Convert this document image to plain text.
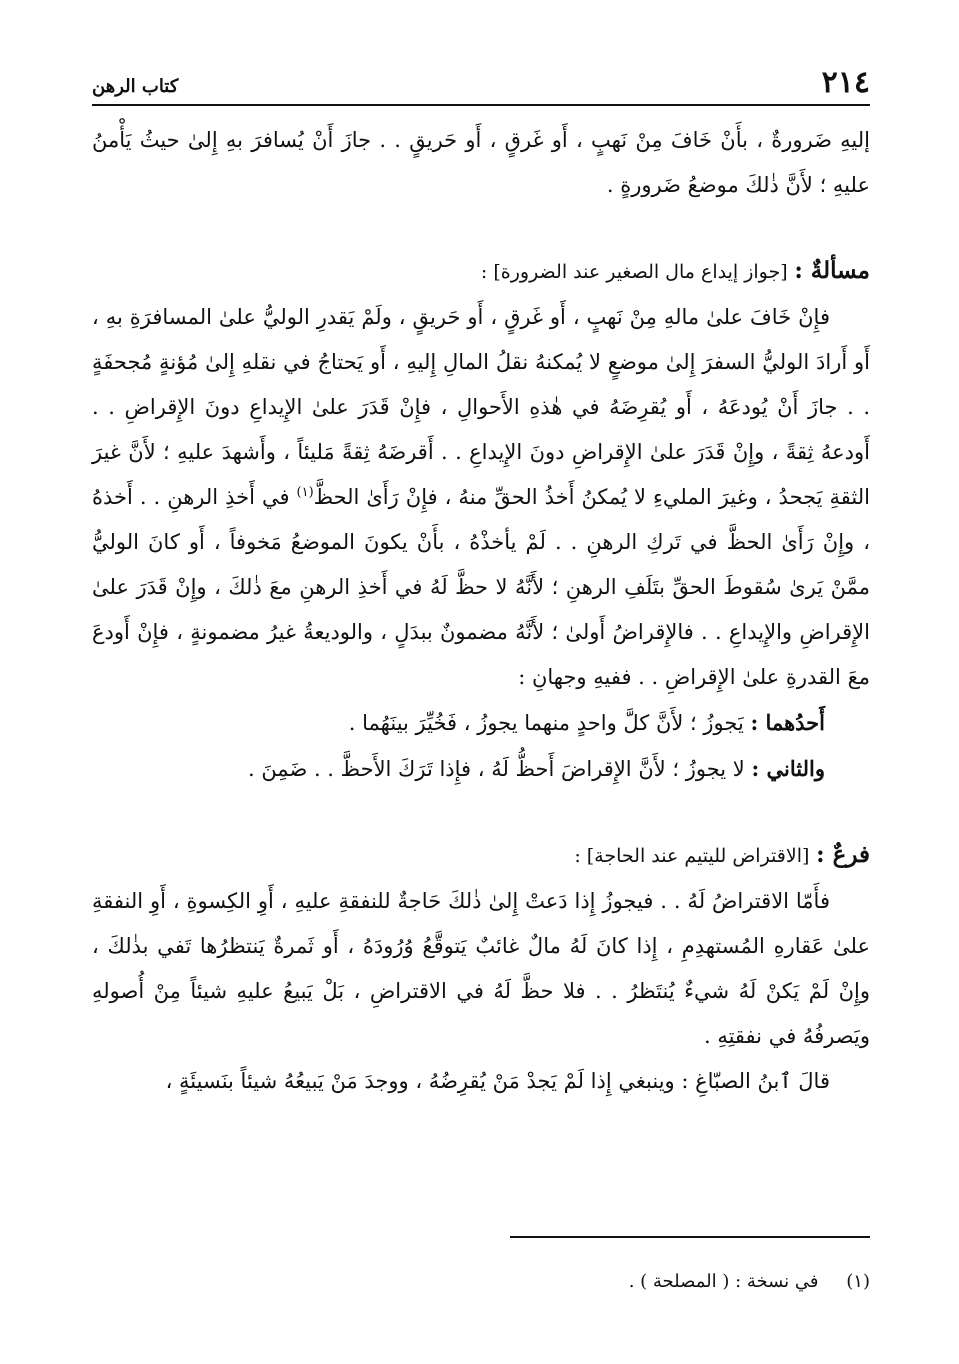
٢١٤
كتاب الرهن

إليهِ ضَرورةٌ ، بأَنْ خَافَ مِنْ نَهبٍ ، أَو غَرقٍ ، أَو حَريقٍ . . جازَ أَنْ يُسافرَ بهِ إِلىٰ حيثُ يَأْمنُ عليهِ ؛ لأَنَّ ذٰلكَ موضعُ ضَرورةٍ .

مسألةٌ : [جواز إيداع مال الصغير عند الضرورة] :

فإِنْ خَافَ علىٰ مالهِ مِنْ نَهبٍ ، أَو غَرقٍ ، أَو حَريقٍ ، ولَمْ يَقدرِ الوليُّ علىٰ المسافرَةِ بهِ ، أَو أَرادَ الوليُّ السفرَ إِلىٰ موضعٍ لا يُمكنهُ نقلُ المالِ إِليهِ ، أَو يَحتاجُ في نقلهِ إِلىٰ مُؤنةٍ مُجحفَةٍ . . جازَ أَنْ يُودعَهُ ، أَو يُقرِضَهُ في هٰذهِ الأَحوالِ ، فإِنْ قَدَرَ علىٰ الإِيداعِ دونَ الإِقراضِ . . أَودعهُ ثِقةً ، وإِنْ قَدَرَ علىٰ الإِقراضِ دونَ الإِيداعِ . . أَقرضَهُ ثِقةً مَليئاً ، وأَشهدَ عليهِ ؛ لأَنَّ غيرَ الثقةِ يَجحدُ ، وغيرَ المليءِ لا يُمكنُ أَخذُ الحقِّ منهُ ، فإِنْ رَأَىٰ الحظَّ$^{(١)}$ في أَخذِ الرهنِ . . أَخذهُ ، وإِنْ رَأَىٰ الحظَّ في تَركِ الرهنِ . . لَمْ يأخذْهُ ، بأَنْ يكونَ الموضعُ مَخوفاً ، أَو كانَ الوليُّ ممَّنْ يَرىٰ سُقوطَ الحقِّ بتَلَفِ الرهنِ ؛ لأَنَّهُ لا حظَّ لَهُ في أَخذِ الرهنِ معَ ذٰلكَ ، وإِنْ قَدَرَ علىٰ الإِقراضِ والإِيداعِ . . فالإِقراضُ أَولىٰ ؛ لأَنَّهُ مضمونٌ ببدَلٍ ، والوديعةُ غيرُ مضمونةٍ ، فإِنْ أَودعَ معَ القدرةِ علىٰ الإِقراضِ . . ففيهِ وجهانِ :

أَحدُهما : يَجوزُ ؛ لأَنَّ كلَّ واحدٍ منهما يجوزُ ، فَخُيِّرَ بينَهُما .

والثاني : لا يجوزُ ؛ لأَنَّ الإِقراضَ أَحظُّ لَهُ ، فإِذا تَرَكَ الأَحظَّ . . ضَمِنَ .

فرعٌ : [الاقتراض لليتيم عند الحاجة] :

فأَمّا الاقتراضُ لَهُ . . فيجوزُ إِذا دَعتْ إِلىٰ ذٰلكَ حَاجةٌ للنفقةِ عليهِ ، أَوِ الكِسوةِ ، أَوِ النفقةِ علىٰ عَقارهِ المُستهدِمِ ، إِذا كانَ لَهُ مالٌ غائبٌ يَتوقَّعُ وُرُودَهُ ، أَو ثَمرةٌ يَنتظرُها تَفي بذٰلكَ ، وإِنْ لَمْ يَكنْ لَهُ شيءٌ يُنتَظرُ . . فلا حظَّ لَهُ في الاقتراضِ ، بَلْ يَبيعُ عليهِ شيئاً مِنْ أُصولهِ ويَصرفُهُ في نفقتِهِ .

قالَ ٱبنُ الصبّاغِ : وينبغي إِذا لَمْ يَجدْ مَنْ يُقرِضُهُ ، ووجدَ مَنْ يَبيعُهُ شيئاً بنَسيئَةٍ ،

(١) في نسخة : ( المصلحة ) .
